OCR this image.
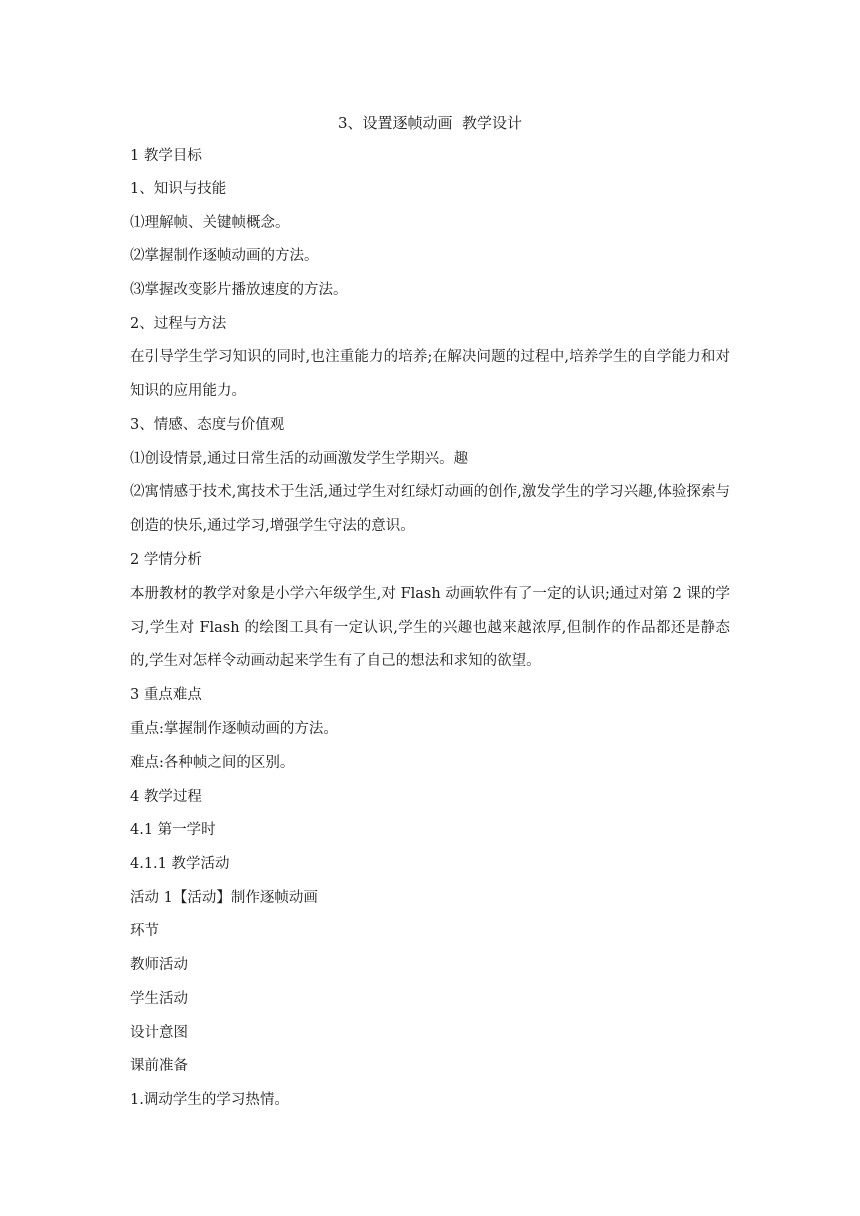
3、设置逐帧动画  教学设计
1 教学目标
1、知识与技能
⑴理解帧、关键帧概念。
⑵掌握制作逐帧动画的方法。
⑶掌握改变影片播放速度的方法。
2、过程与方法
在引导学生学习知识的同时,也注重能力的培养;在解决问题的过程中,培养学生的自学能力和对知识的应用能力。
3、情感、态度与价值观
⑴创设情景,通过日常生活的动画激发学生学期兴。趣
⑵寓情感于技术,寓技术于生活,通过学生对红绿灯动画的创作,激发学生的学习兴趣,体验探索与创造的快乐,通过学习,增强学生守法的意识。
2 学情分析
本册教材的教学对象是小学六年级学生,对 Flash 动画软件有了一定的认识;通过对第 2 课的学习,学生对 Flash 的绘图工具有一定认识,学生的兴趣也越来越浓厚,但制作的作品都还是静态的,学生对怎样令动画动起来学生有了自己的想法和求知的欲望。
3 重点难点
重点:掌握制作逐帧动画的方法。
难点:各种帧之间的区别。
4 教学过程
4.1 第一学时
4.1.1 教学活动
活动 1【活动】制作逐帧动画
环节
教师活动
学生活动
设计意图
课前准备
1.调动学生的学习热情。
